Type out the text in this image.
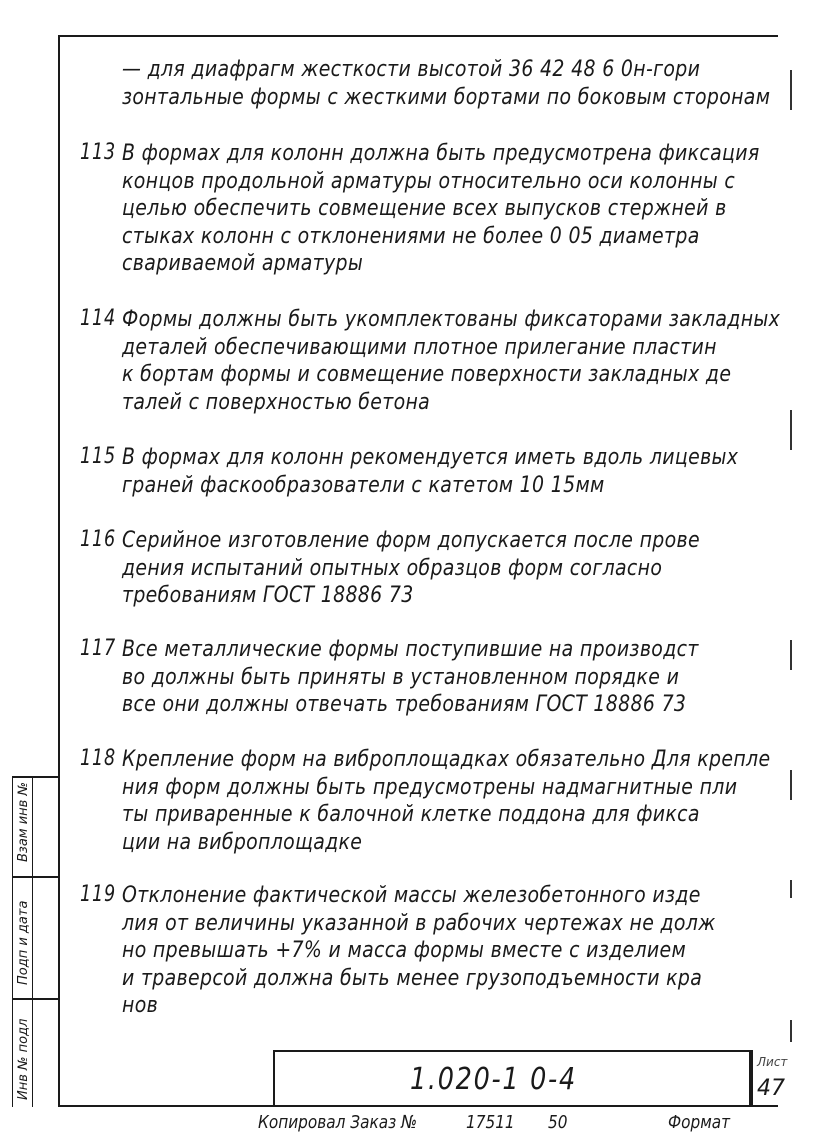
— для диафрагм жесткости высотой 36 42 48 6 0н-гори
зонтальные формы с жесткими бортами по боковым сторонам
113 В формах для колонн должна быть предусмотрена фиксация
концов продольной арматуры относительно оси колонны с
целью обеспечить совмещение всех выпусков стержней в
стыках колонн с отклонениями не более 0 05 диаметра
свариваемой арматуры
114 Формы должны быть укомплектованы фиксаторами закладных
деталей обеспечивающими плотное прилегание пластин
к бортам формы и совмещение поверхности закладных де
талей с поверхностью бетона
115 В формах для колонн рекомендуется иметь вдоль лицевых
граней фаскообразователи с катетом 10 15мм
116 Серийное изготовление форм допускается после прове
дения испытаний опытных образцов форм согласно
требованиям ГОСТ 18886 73
117 Все металлические формы поступившие на производст
во должны быть приняты в установленном порядке и
все они должны отвечать требованиям ГОСТ 18886 73
118 Крепление форм на виброплощадках обязательно Для крепле
ния форм должны быть предусмотрены надмагнитные пли
ты приваренные к балочной клетке поддона для фикса
ции на виброплощадке
119 Отклонение фактической массы железобетонного изде
лия от величины указанной в рабочих чертежах не долж
но превышать +7% и масса формы вместе с изделием
и траверсой должна быть менее грузоподъемности кра
нов
Взам инв №
Подп и дата
Инв № подл	1.020-1 0-4	Лист
47
Копировал Заказ №	17511 50	Формат
